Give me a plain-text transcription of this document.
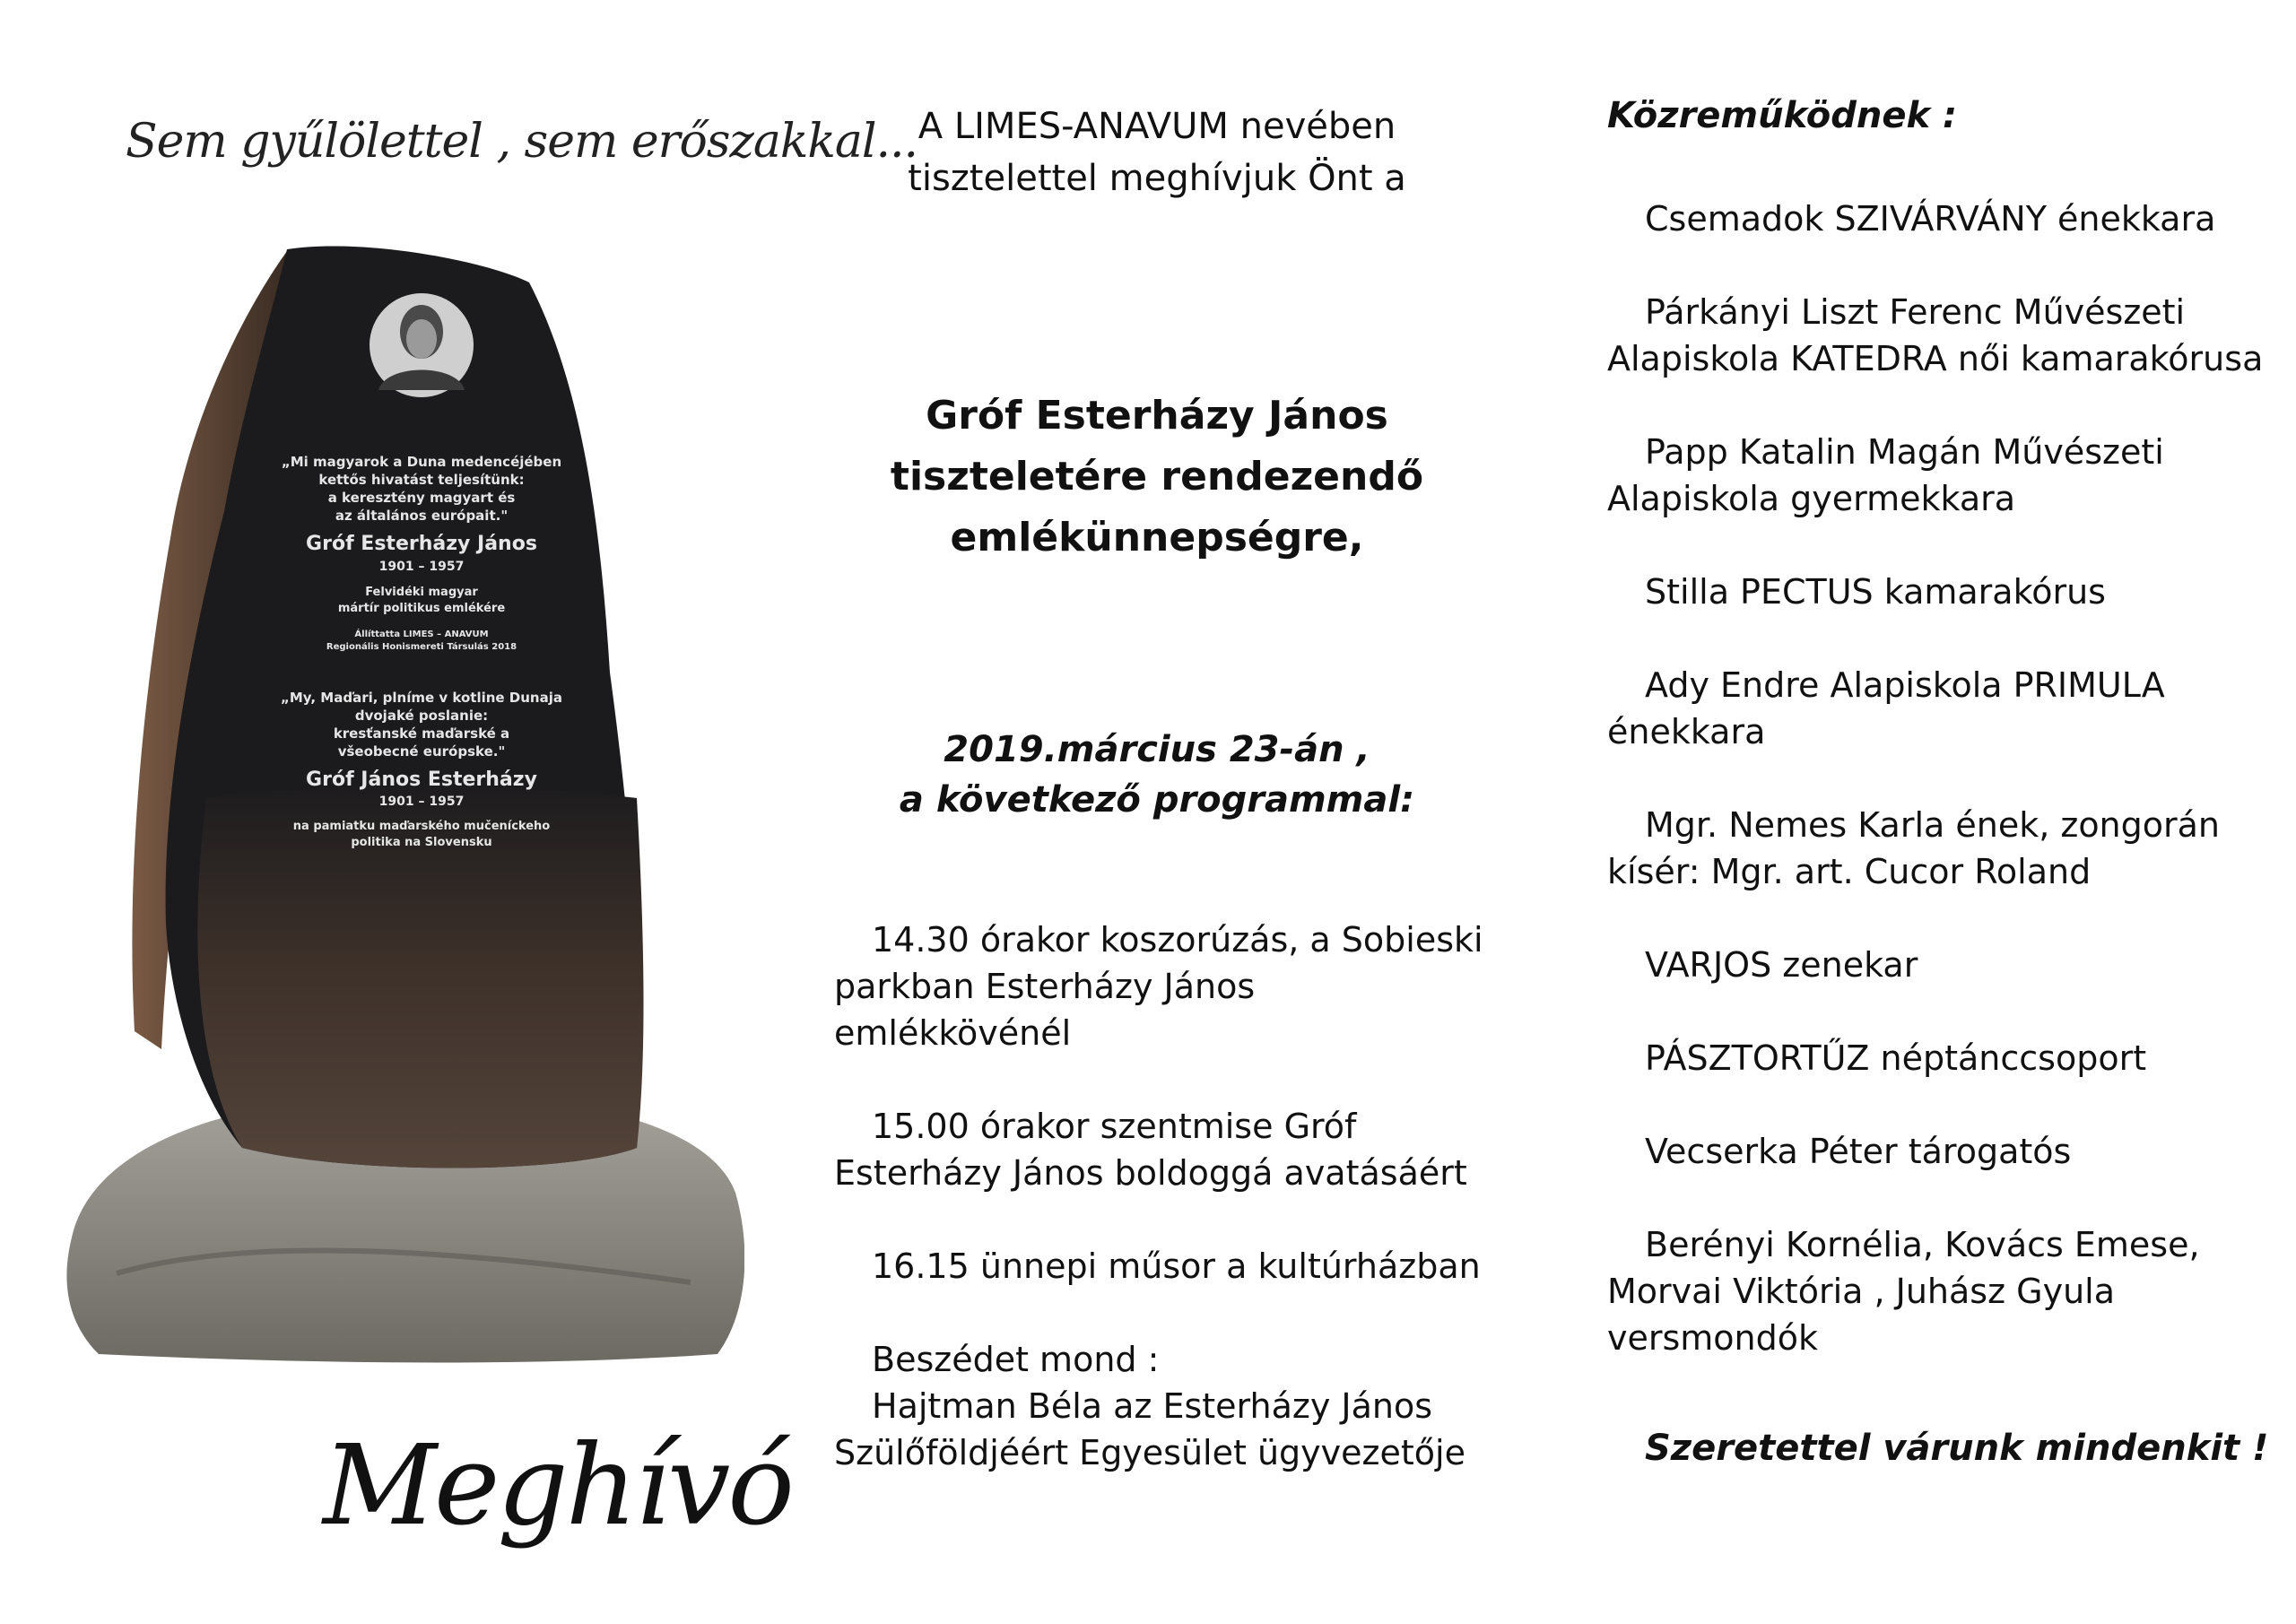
Sem gyűlölettel , sem erőszakkal...
„Mi magyarok a Duna medencéjében
kettős hivatást teljesítünk:
a keresztény magyart és
az általános európait."
Gróf Esterházy János
1901 – 1957
Felvidéki magyar
mártír politikus emlékére
Állíttatta LIMES – ANAVUM
Regionális Honismereti Társulás 2018
„My, Maďari, plníme v kotline Dunaja
dvojaké poslanie:
kresťanské maďarské a
všeobecné európske."
Gróf János Esterházy
1901 – 1957
na pamiatku maďarského mučeníckeho
politika na Slovensku
Meghívó
A LIMES-ANAVUM nevében
tisztelettel meghívjuk Önt a
Gróf Esterházy János
tiszteletére rendezendő
emlékünnepségre,
2019.március 23-án ,
a következő programmal:
14.30 órakor koszorúzás, a Sobieski
parkban Esterházy János
emlékkövénél
15.00 órakor szentmise Gróf
Esterházy János boldoggá avatásáért
16.15 ünnepi műsor a kultúrházban
Beszédet mond :
Hajtman Béla az Esterházy János
Szülőföldjéért Egyesület ügyvezetője
Közreműködnek :
Csemadok SZIVÁRVÁNY énekkara
Párkányi Liszt Ferenc Művészeti
Alapiskola KATEDRA női kamarakórusa
Papp Katalin Magán Művészeti
Alapiskola gyermekkara
Stilla PECTUS kamarakórus
Ady Endre Alapiskola PRIMULA
énekkara
Mgr. Nemes Karla ének, zongorán
kísér: Mgr. art. Cucor Roland
VARJOS zenekar
PÁSZTORTŰZ néptánccsoport
Vecserka Péter tárogatós
Berényi Kornélia, Kovács Emese,
Morvai Viktória , Juhász Gyula
versmondók
Szeretettel várunk mindenkit !
